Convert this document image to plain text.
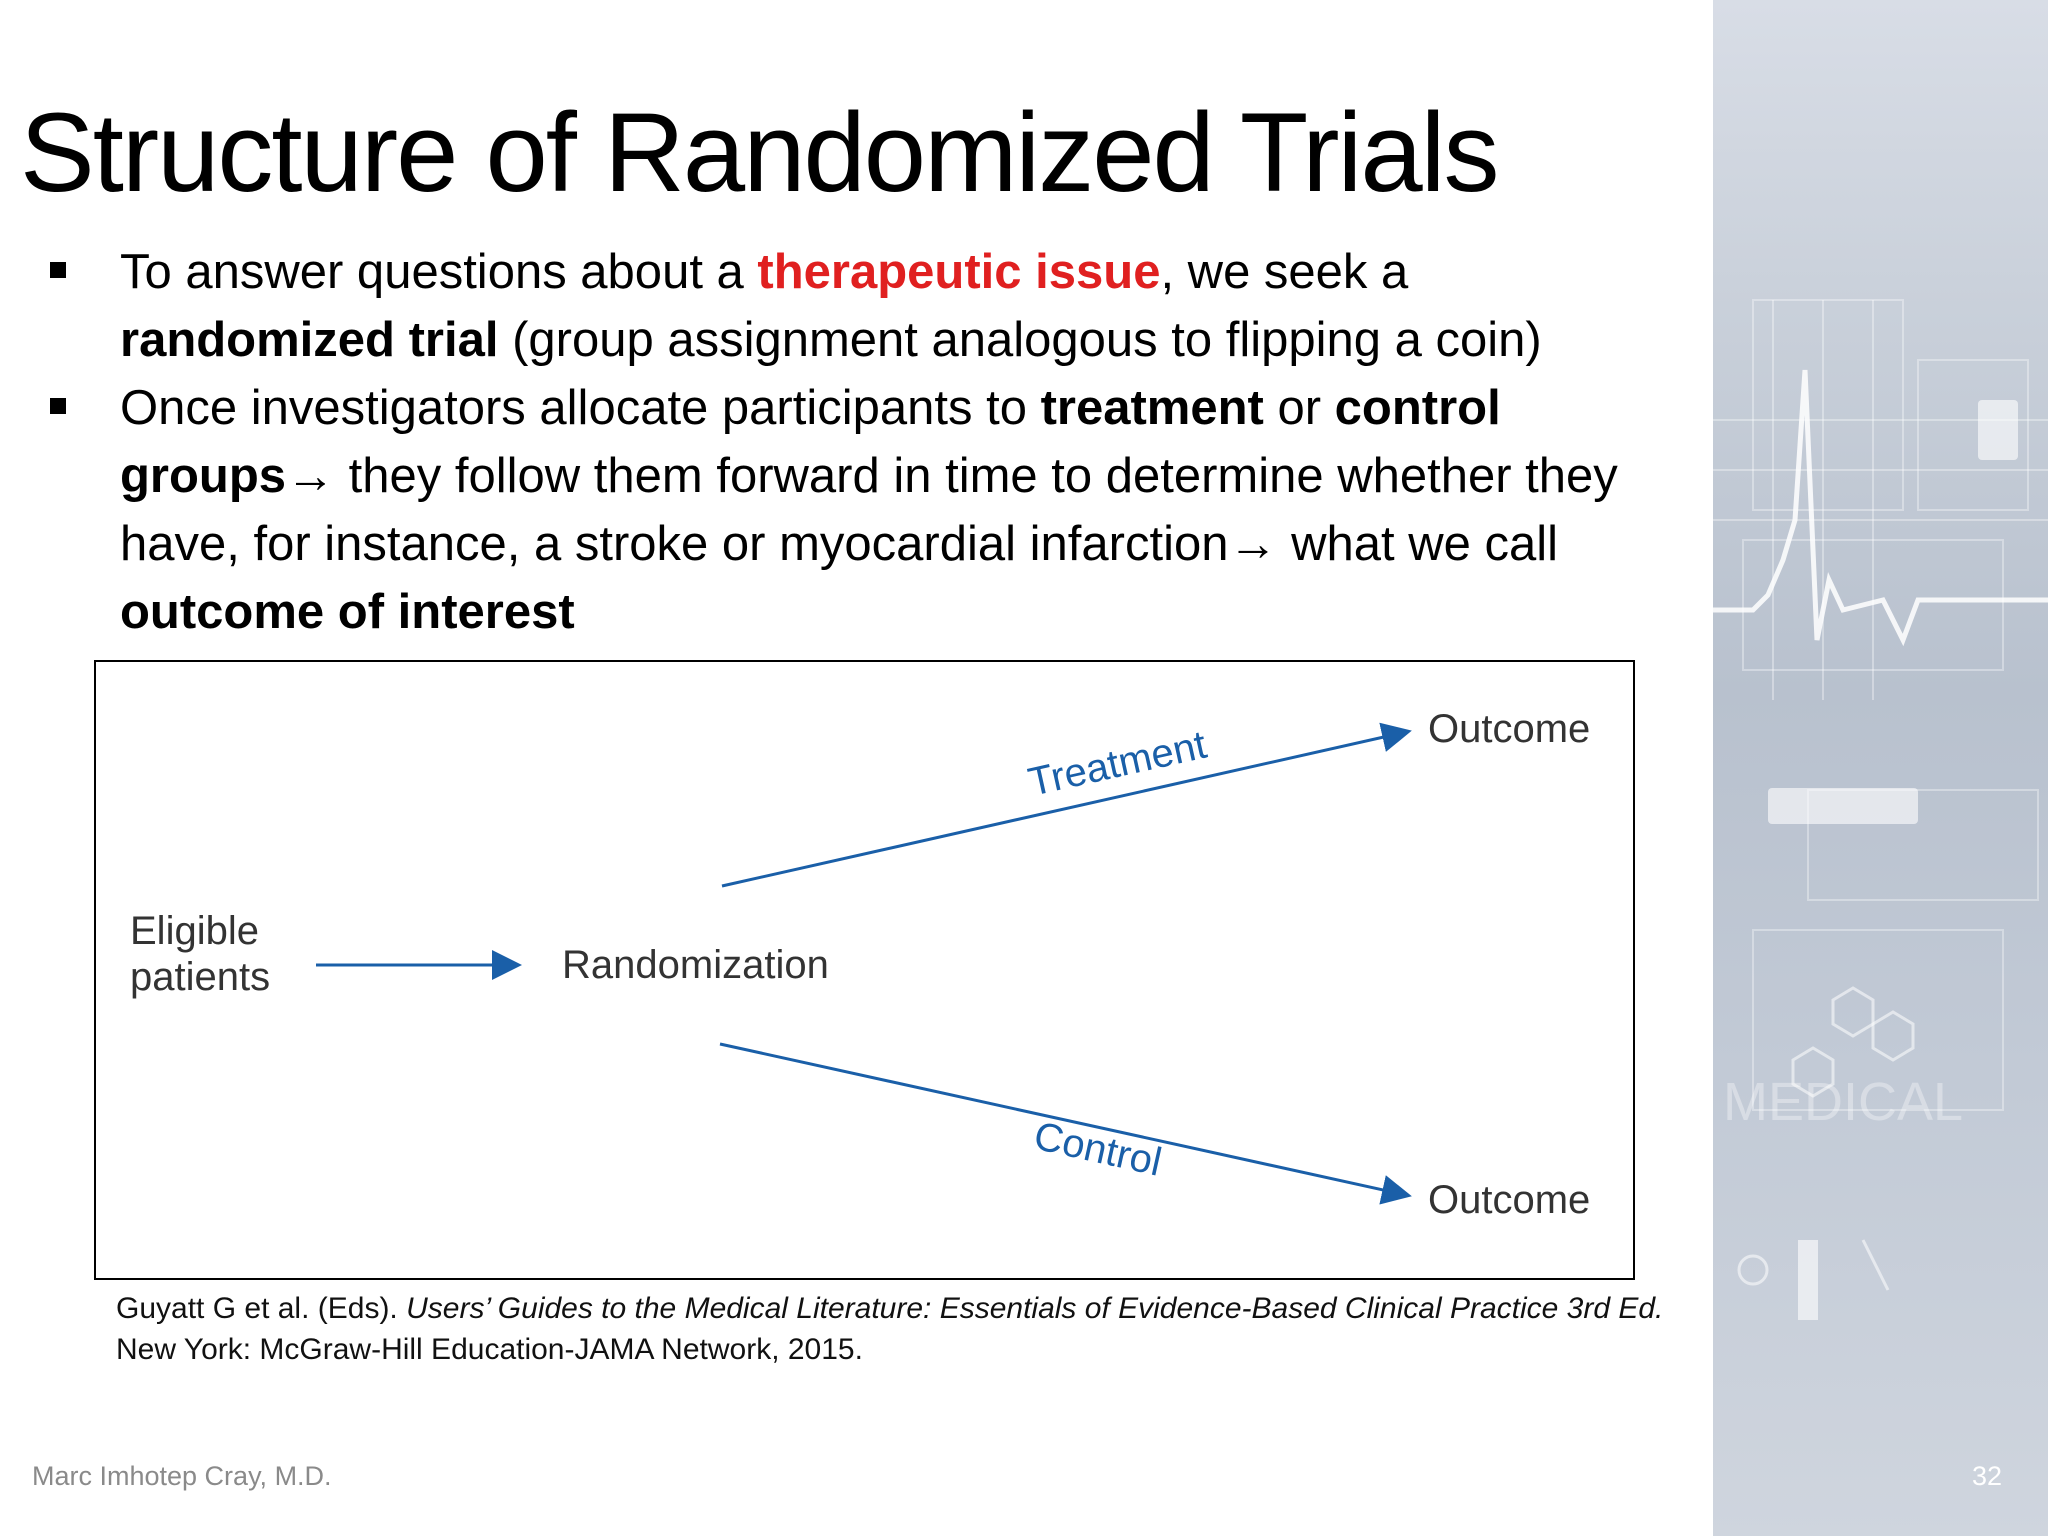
MEDICAL
Structure of Randomized Trials
To answer questions about a therapeutic issue, we seek a randomized trial (group assignment analogous to flipping a coin)
Once investigators allocate participants to treatment or control groups→ they follow them forward in time to determine whether they have, for instance, a stroke or myocardial infarction→ what we call outcome of interest
Eligible
patients	Randomization
Treatment
Control
Outcome
Outcome
Guyatt G et al. (Eds). Users’ Guides to the Medical Literature: Essentials of Evidence-Based Clinical Practice 3rd Ed. New York: McGraw-Hill Education-JAMA Network, 2015.
Marc Imhotep Cray, M.D.	32
